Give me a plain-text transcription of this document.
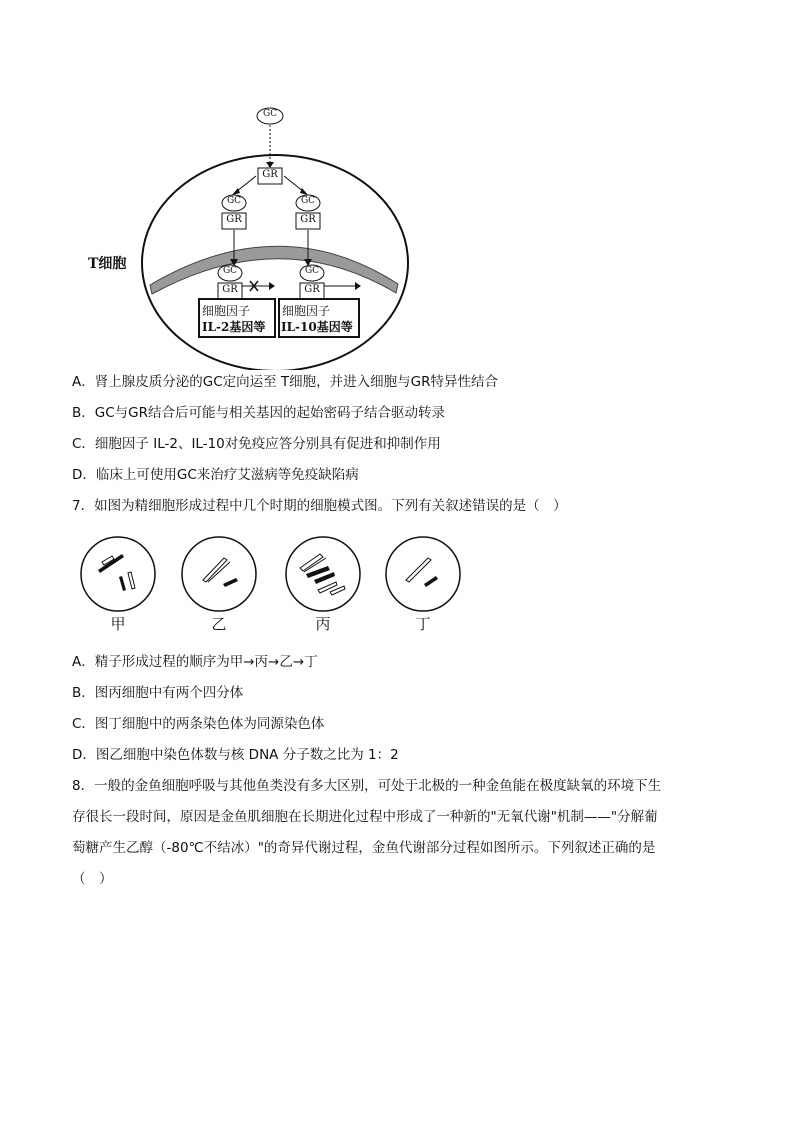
T细胞
GC
GR
GC
GR
GC
GR
GC
GR
GC
GR
细胞因子
IL-2基因等
细胞因子
IL-10基因等
A．肾上腺皮质分泌的GC定向运至 T细胞，并进入细胞与GR特异性结合
B．GC与GR结合后可能与相关基因的起始密码子结合驱动转录
C．细胞因子 IL-2、IL-10对免疫应答分别具有促进和抑制作用
D．临床上可使用GC来治疗艾滋病等免疫缺陷病
7．如图为精细胞形成过程中几个时期的细胞模式图。下列有关叙述错误的是（　）
甲	乙	丙	丁
A．精子形成过程的顺序为甲→丙→乙→丁
B．图丙细胞中有两个四分体
C．图丁细胞中的两条染色体为同源染色体
D．图乙细胞中染色体数与核 DNA 分子数之比为 1：2
8．一般的金鱼细胞呼吸与其他鱼类没有多大区别，可处于北极的一种金鱼能在极度缺氧的环境下生
存很长一段时间，原因是金鱼肌细胞在长期进化过程中形成了一种新的"无氧代谢"机制——"分解葡
萄糖产生乙醇（-80℃不结冰）"的奇异代谢过程，金鱼代谢部分过程如图所示。下列叙述正确的是
（　）
